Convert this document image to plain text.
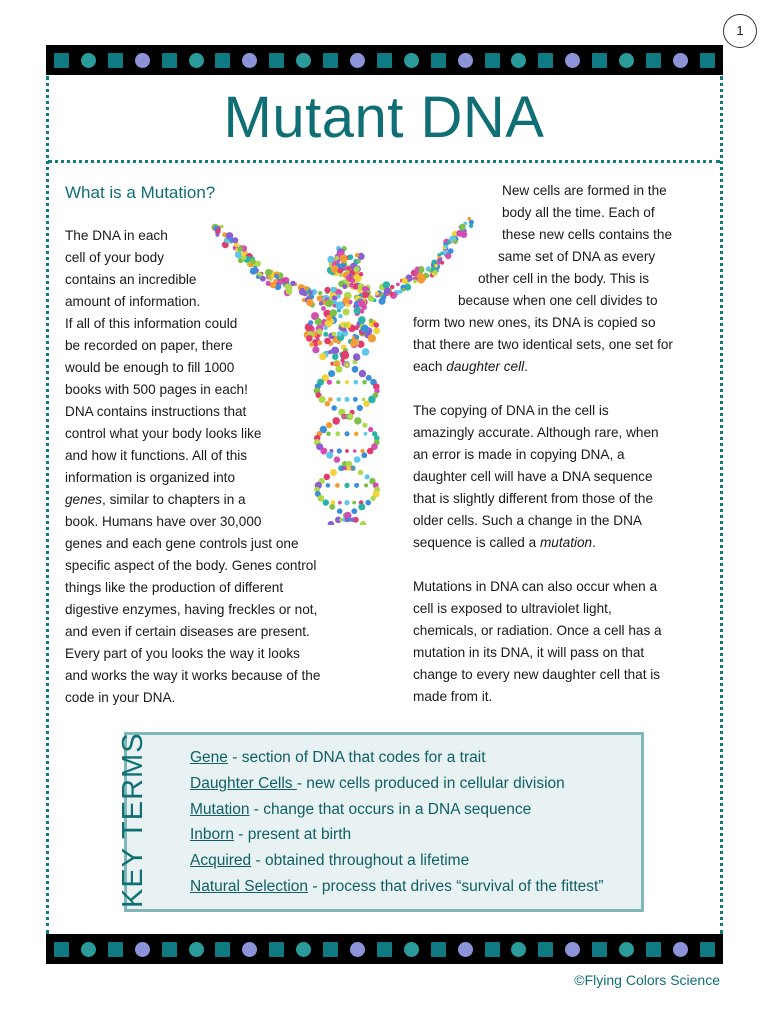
1
Mutant DNA
What is a Mutation?
The DNA in each
cell of your body
contains an incredible
amount of information.
If all of this information could
be recorded on paper, there
would be enough to fill 1000
books with 500 pages in each!
DNA contains instructions that
control what your body looks like
and how it functions. All of this
information is organized into
genes, similar to chapters in a
book. Humans have over 30,000
genes and each gene controls just one
specific aspect of the body. Genes control
things like the production of different
digestive enzymes, having freckles or not,
and even if certain diseases are present.
Every part of you looks the way it looks
and works the way it works because of the
code in your DNA.
New cells are formed in the
body all the time. Each of
these new cells contains the
same set of DNA as every
other cell in the body. This is
because when one cell divides to
form two new ones, its DNA is copied so
that there are two identical sets, one set for
each daughter cell.
The copying of DNA in the cell is
amazingly accurate. Although rare, when
an error is made in copying DNA, a
daughter cell will have a DNA sequence
that is slightly different from those of the
older cells. Such a change in the DNA
sequence is called a mutation.
Mutations in DNA can also occur when a
cell is exposed to ultraviolet light,
chemicals, or radiation. Once a cell has a
mutation in its DNA, it will pass on that
change to every new daughter cell that is
made from it.
KEY TERMS	Gene - section of DNA that codes for a trait
Daughter Cells - new cells produced in cellular division
Mutation - change that occurs in a DNA sequence
Inborn - present at birth
Acquired - obtained throughout a lifetime
Natural Selection - process that drives “survival of the fittest”
©Flying Colors Science
